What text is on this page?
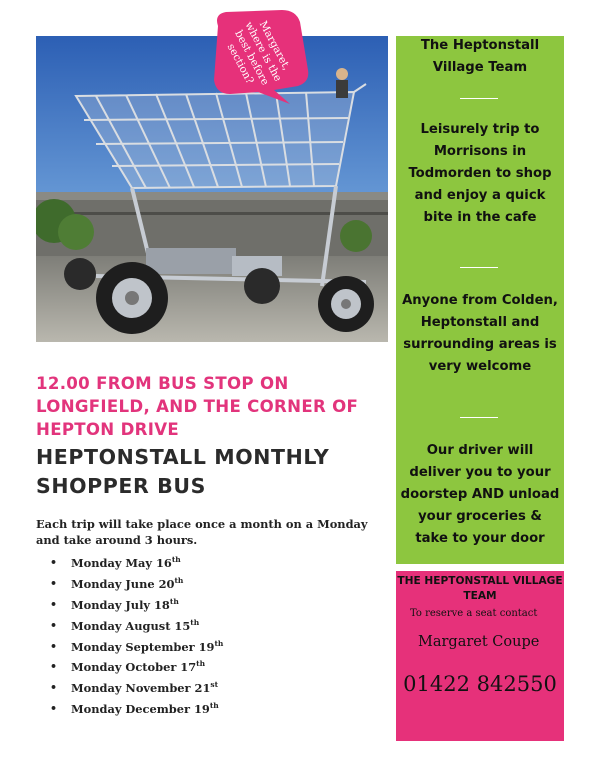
Margaret, where is the best before section?	The Heptonstall Village Team
Leisurely trip to Morrisons in Todmorden to shop and enjoy a quick bite in the cafe
Anyone from Colden, Heptonstall and surrounding areas is very welcome
Our driver will deliver you to your doorstep AND unload your groceries & take to your door
THE HEPTONSTALL VILLAGE TEAM
To reserve a seat contact
Margaret Coupe
01422 842550
12.00 FROM BUS STOP ON LONGFIELD, AND THE CORNER OF HEPTON DRIVE
HEPTONSTALL MONTHLY SHOPPER BUS
Each trip will take place once a month on a Monday and take around 3 hours.
• Monday May 16th
• Monday June 20th
• Monday July 18th
• Monday August 15th
• Monday September 19th
• Monday October 17th
• Monday November 21st
• Monday December 19th
